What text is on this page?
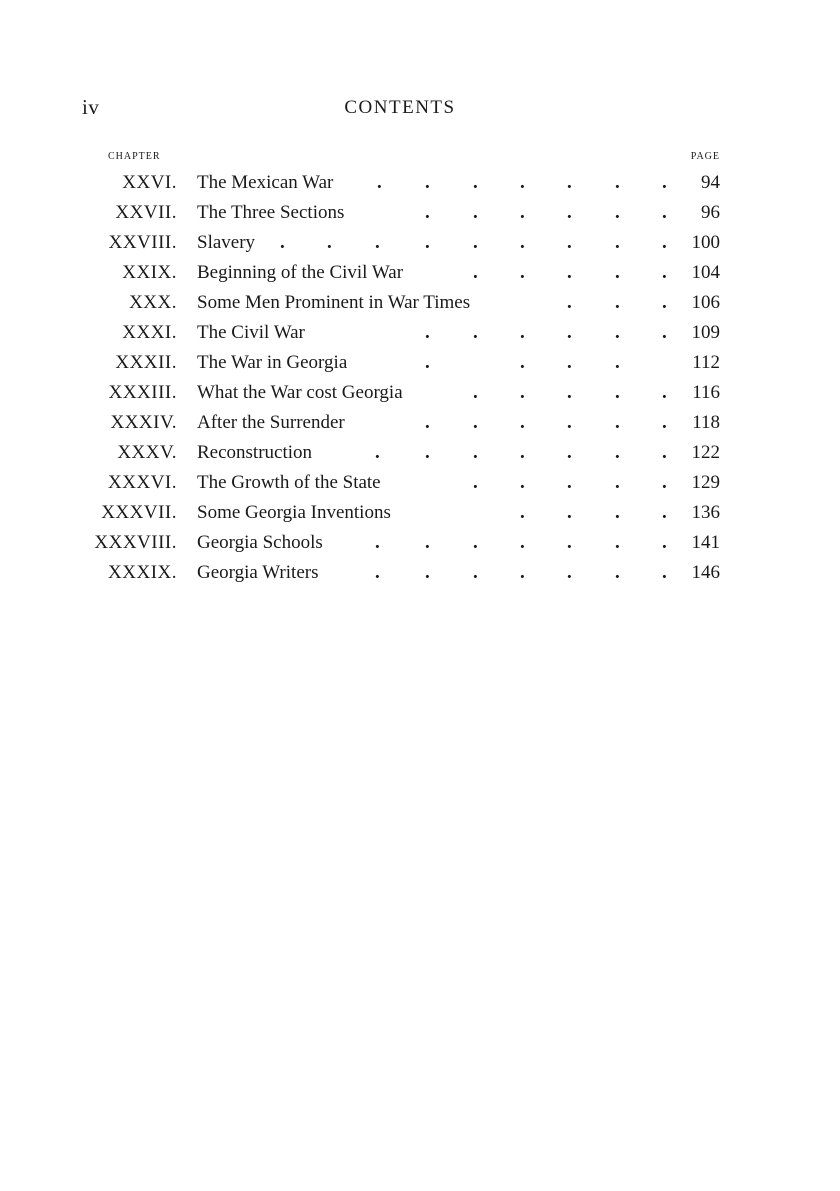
iv	CONTENTS
CHAPTER	PAGE
XXVI. The Mexican War . . . . . . . 94
XXVII. The Three Sections	. . . . . . 96
XXVIII. Slavery . . . . . . . . . 100
XXIX. Beginning of the Civil War	. . . . . 104
XXX. Some Men Prominent in War Times	. . . 106
XXXI. The Civil War	. . . . . . 109
XXXII. The War in Georgia	.	. . .	112
XXXIII. What the War cost Georgia	. . . . . 116
XXXIV. After the Surrender	. . . . . . 118
XXXV. Reconstruction	. . . . . . . 122
XXXVI. The Growth of the State	. . . . . 129
XXXVII. Some Georgia Inventions	. . . . 136
XXXVIII. Georgia Schools	. . . . . . . 141
XXXIX. Georgia Writers	. . . . . . . 146
